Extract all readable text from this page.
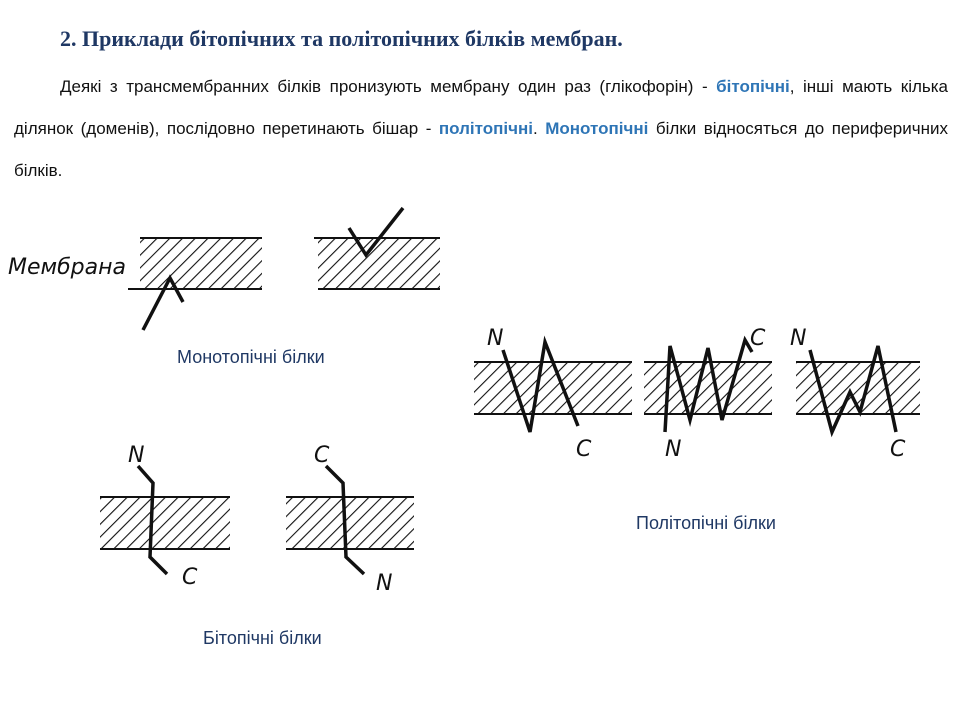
2. Приклади бітопічних та політопічних білків мембран.

Деякі з трансмембранних білків пронизують мембрану один раз (глікофорін) - бітопічні, інші мають кілька ділянок (доменів), послідовно перетинають бішар - політопічні. Монотопічні білки відносяться до периферичних білків.

Мембрана
N
C
C
N
N
C
N
C
C
N

Монотопічні білки

Політопічні білки

Бітопічні білки
